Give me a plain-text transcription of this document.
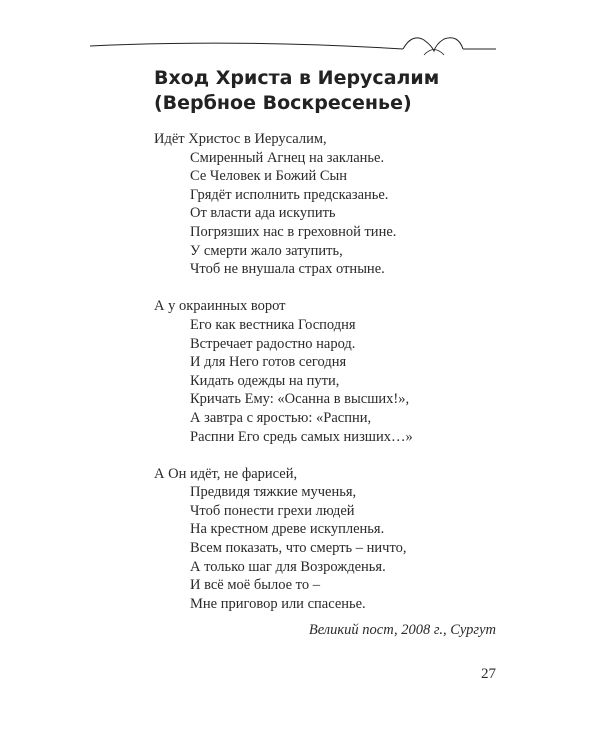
Вход Христа в Иерусалим
(Вербное Воскресенье)
Идёт Христос в Иерусалим,
Смиренный Агнец на закланье.
Се Человек и Божий Сын
Грядёт исполнить предсказанье.
От власти ада искупить
Погрязших нас в греховной тине.
У смерти жало затупить,
Чтоб не внушала страх отныне.
А у окраинных ворот
Его как вестника Господня
Встречает радостно народ.
И для Него готов сегодня
Кидать одежды на пути,
Кричать Ему: «Осанна в высших!»,
А завтра с яростью: «Распни,
Распни Его средь самых низших…»
А Он идёт, не фарисей,
Предвидя тяжкие мученья,
Чтоб понести грехи людей
На крестном древе искупленья.
Всем показать, что смерть – ничто,
А только шаг для Возрожденья.
И всё моё былое то –
Мне приговор или спасенье.
Великий пост, 2008 г., Сургут
27
